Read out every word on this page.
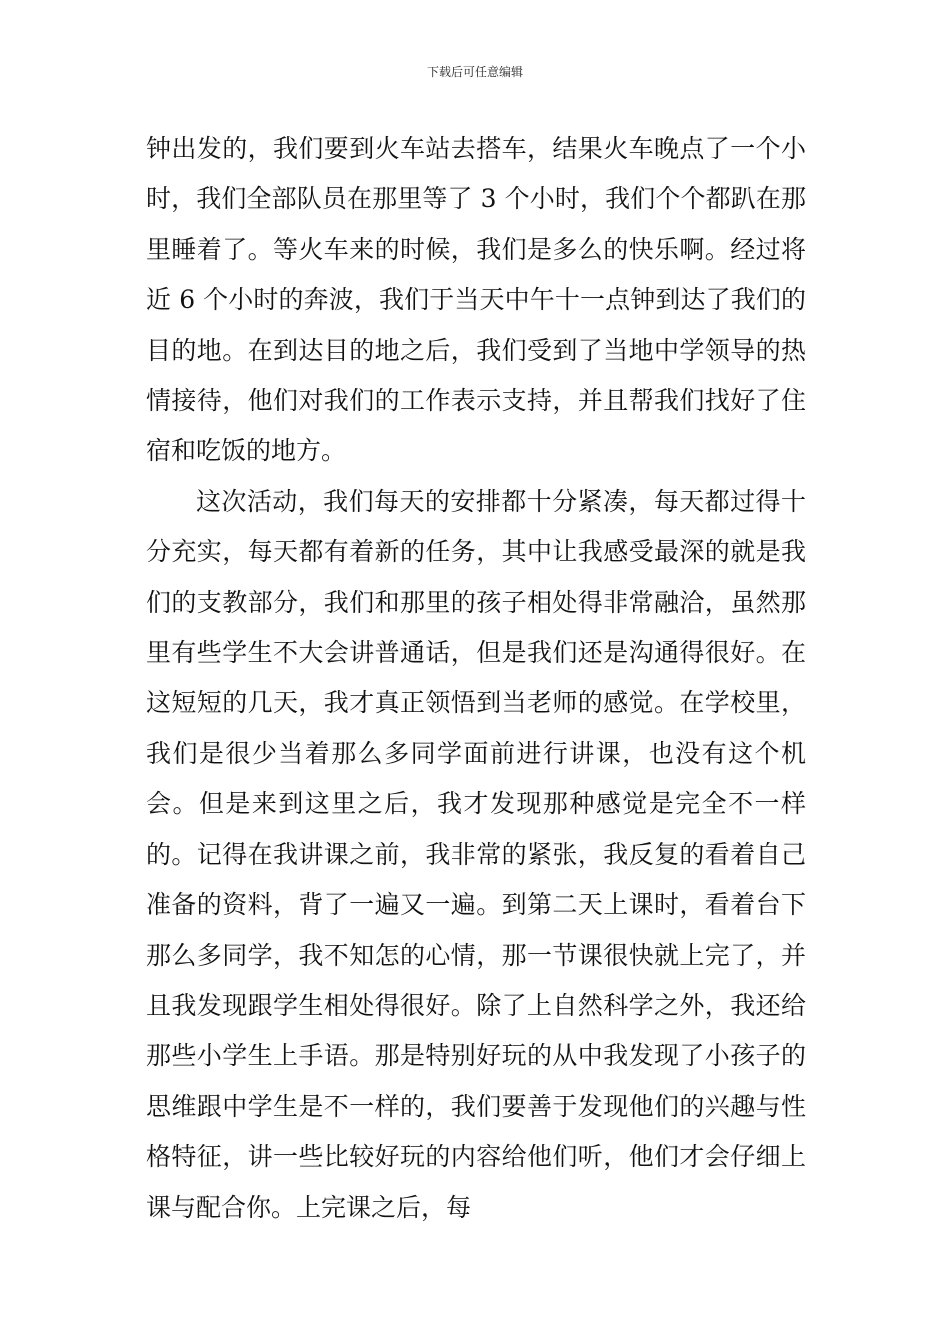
下载后可任意编辑

钟出发的，我们要到火车站去搭车，结果火车晚点了一个小时，我们全部队员在那里等了 3 个小时，我们个个都趴在那里睡着了。等火车来的时候，我们是多么的快乐啊。经过将近 6 个小时的奔波，我们于当天中午十一点钟到达了我们的目的地。在到达目的地之后，我们受到了当地中学领导的热情接待，他们对我们的工作表示支持，并且帮我们找好了住宿和吃饭的地方。

这次活动，我们每天的安排都十分紧凑，每天都过得十分充实，每天都有着新的任务，其中让我感受最深的就是我们的支教部分，我们和那里的孩子相处得非常融洽，虽然那里有些学生不大会讲普通话，但是我们还是沟通得很好。在这短短的几天，我才真正领悟到当老师的感觉。在学校里，我们是很少当着那么多同学面前进行讲课，也没有这个机会。但是来到这里之后，我才发现那种感觉是完全不一样的。记得在我讲课之前，我非常的紧张，我反复的看着自己准备的资料，背了一遍又一遍。到第二天上课时，看着台下那么多同学，我不知怎的心情，那一节课很快就上完了，并且我发现跟学生相处得很好。除了上自然科学之外，我还给那些小学生上手语。那是特别好玩的从中我发现了小孩子的思维跟中学生是不一样的，我们要善于发现他们的兴趣与性格特征，讲一些比较好玩的内容给他们听，他们才会仔细上课与配合你。上完课之后，每
